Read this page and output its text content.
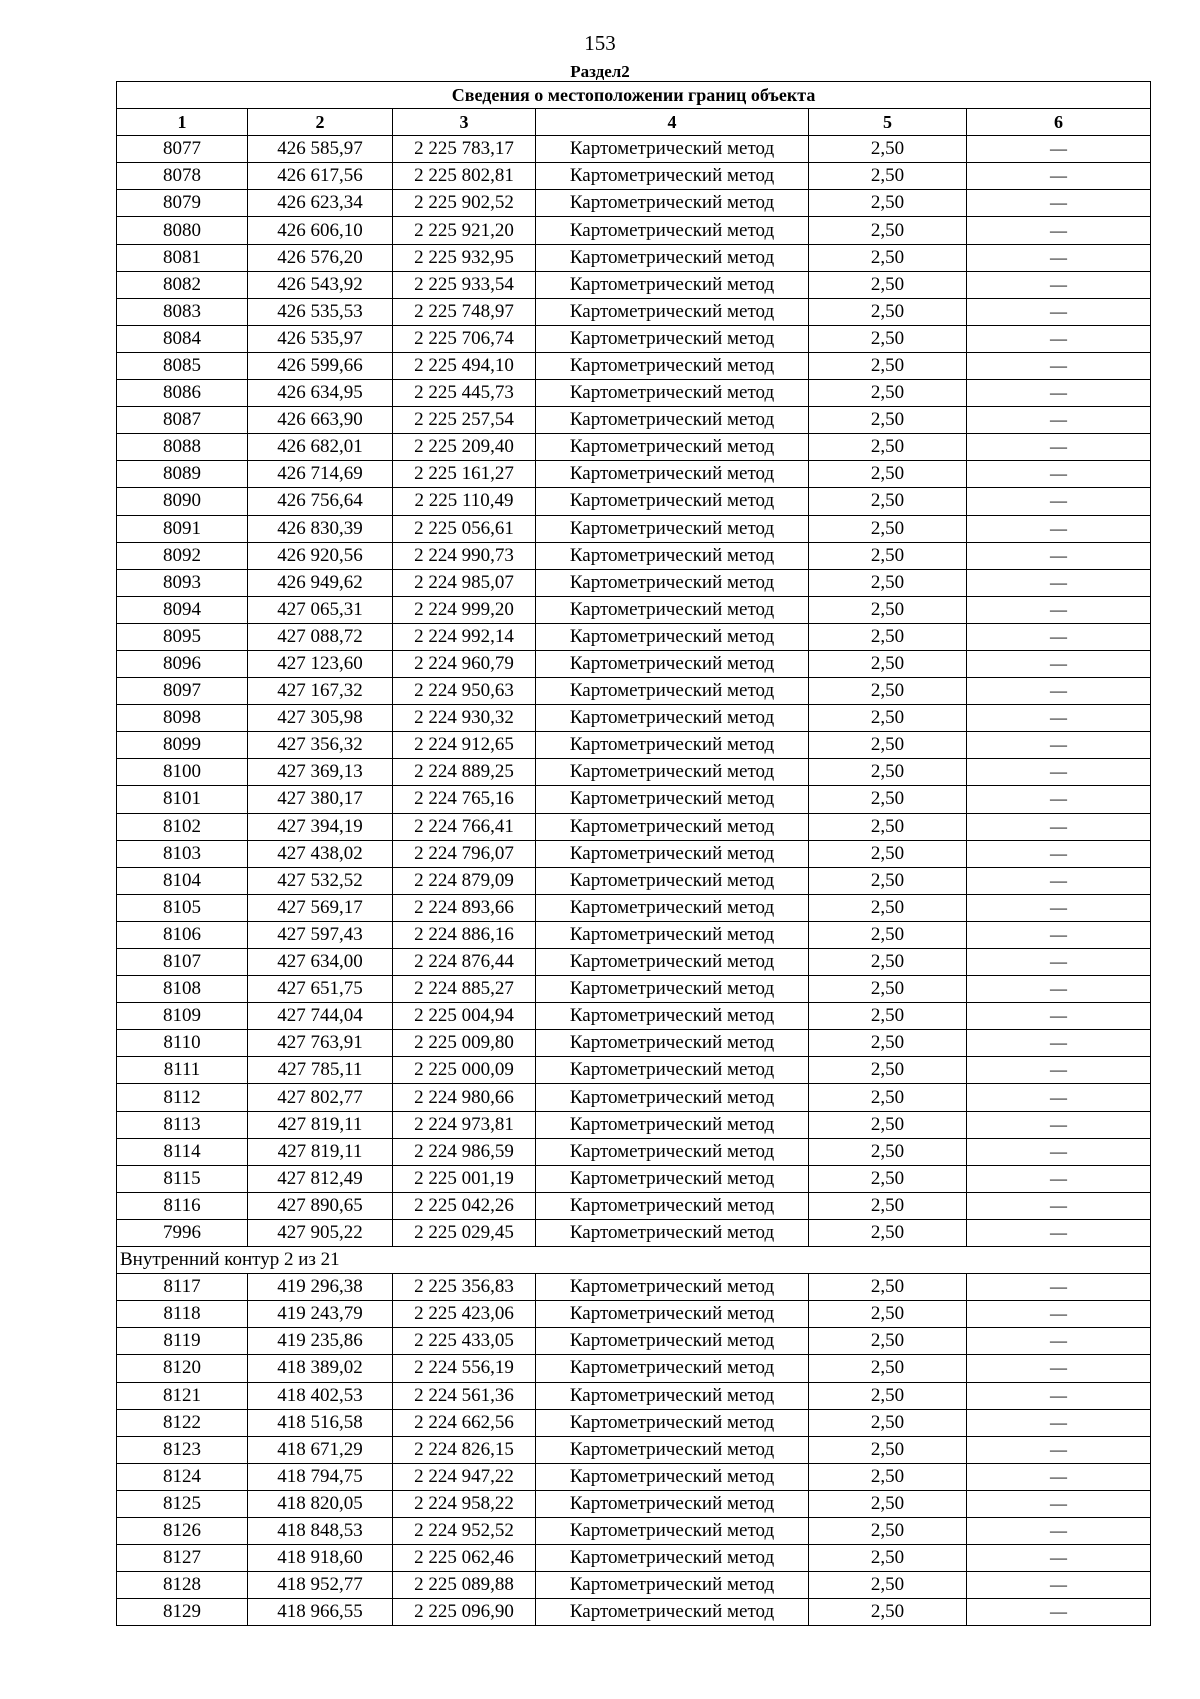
153
Раздел2
Сведения о местоположении границ объекта					
1	2	3	4	5	6
8077	426 585,97	2 225 783,17	Картометрический метод	2,50	—
8078	426 617,56	2 225 802,81	Картометрический метод	2,50	—
8079	426 623,34	2 225 902,52	Картометрический метод	2,50	—
8080	426 606,10	2 225 921,20	Картометрический метод	2,50	—
8081	426 576,20	2 225 932,95	Картометрический метод	2,50	—
8082	426 543,92	2 225 933,54	Картометрический метод	2,50	—
8083	426 535,53	2 225 748,97	Картометрический метод	2,50	—
8084	426 535,97	2 225 706,74	Картометрический метод	2,50	—
8085	426 599,66	2 225 494,10	Картометрический метод	2,50	—
8086	426 634,95	2 225 445,73	Картометрический метод	2,50	—
8087	426 663,90	2 225 257,54	Картометрический метод	2,50	—
8088	426 682,01	2 225 209,40	Картометрический метод	2,50	—
8089	426 714,69	2 225 161,27	Картометрический метод	2,50	—
8090	426 756,64	2 225 110,49	Картометрический метод	2,50	—
8091	426 830,39	2 225 056,61	Картометрический метод	2,50	—
8092	426 920,56	2 224 990,73	Картометрический метод	2,50	—
8093	426 949,62	2 224 985,07	Картометрический метод	2,50	—
8094	427 065,31	2 224 999,20	Картометрический метод	2,50	—
8095	427 088,72	2 224 992,14	Картометрический метод	2,50	—
8096	427 123,60	2 224 960,79	Картометрический метод	2,50	—
8097	427 167,32	2 224 950,63	Картометрический метод	2,50	—
8098	427 305,98	2 224 930,32	Картометрический метод	2,50	—
8099	427 356,32	2 224 912,65	Картометрический метод	2,50	—
8100	427 369,13	2 224 889,25	Картометрический метод	2,50	—
8101	427 380,17	2 224 765,16	Картометрический метод	2,50	—
8102	427 394,19	2 224 766,41	Картометрический метод	2,50	—
8103	427 438,02	2 224 796,07	Картометрический метод	2,50	—
8104	427 532,52	2 224 879,09	Картометрический метод	2,50	—
8105	427 569,17	2 224 893,66	Картометрический метод	2,50	—
8106	427 597,43	2 224 886,16	Картометрический метод	2,50	—
8107	427 634,00	2 224 876,44	Картометрический метод	2,50	—
8108	427 651,75	2 224 885,27	Картометрический метод	2,50	—
8109	427 744,04	2 225 004,94	Картометрический метод	2,50	—
8110	427 763,91	2 225 009,80	Картометрический метод	2,50	—
8111	427 785,11	2 225 000,09	Картометрический метод	2,50	—
8112	427 802,77	2 224 980,66	Картометрический метод	2,50	—
8113	427 819,11	2 224 973,81	Картометрический метод	2,50	—
8114	427 819,11	2 224 986,59	Картометрический метод	2,50	—
8115	427 812,49	2 225 001,19	Картометрический метод	2,50	—
8116	427 890,65	2 225 042,26	Картометрический метод	2,50	—
7996	427 905,22	2 225 029,45	Картометрический метод	2,50	—
Внутренний контур 2 из 21					
8117	419 296,38	2 225 356,83	Картометрический метод	2,50	—
8118	419 243,79	2 225 423,06	Картометрический метод	2,50	—
8119	419 235,86	2 225 433,05	Картометрический метод	2,50	—
8120	418 389,02	2 224 556,19	Картометрический метод	2,50	—
8121	418 402,53	2 224 561,36	Картометрический метод	2,50	—
8122	418 516,58	2 224 662,56	Картометрический метод	2,50	—
8123	418 671,29	2 224 826,15	Картометрический метод	2,50	—
8124	418 794,75	2 224 947,22	Картометрический метод	2,50	—
8125	418 820,05	2 224 958,22	Картометрический метод	2,50	—
8126	418 848,53	2 224 952,52	Картометрический метод	2,50	—
8127	418 918,60	2 225 062,46	Картометрический метод	2,50	—
8128	418 952,77	2 225 089,88	Картометрический метод	2,50	—
8129	418 966,55	2 225 096,90	Картометрический метод	2,50	—
